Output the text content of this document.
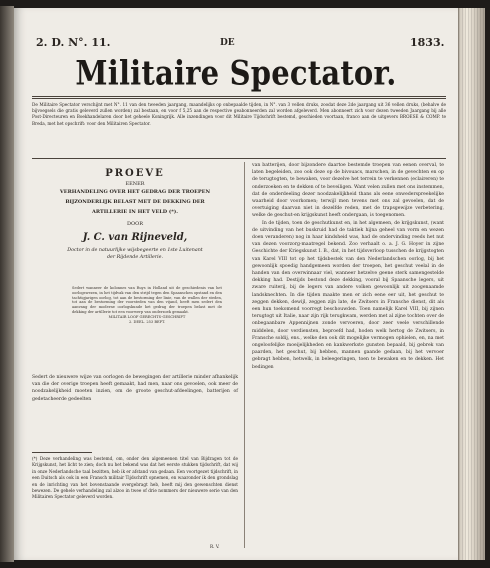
2. D. N°. 11.	DE	1833.
Militaire Spectator.
De Militaire Spectator verschijnt met N°. 11 van den tweeden jaargang, maandelijks op onbepaalde tijden, in N°. van 3 vellen druks, zoodat deze 2de jaargang uit 36 vellen druks, (behalve de bijvoegsels die gratis geleverd zullen worden) zal bestaan, en voor f 5,25 aan de respective geabonneerden zal worden afgeleverd. Men abonneert zich voor dezen tweeden Jaargang bij alle Post-Directeuren en Boekhandelaren door het geheele Koningrijk. Alle inzendingen voor dit Militaire Tijdschrift bestemd, geschieden voortaan, franco aan de uitgevers BROESE & COMP. te Breda, met het opschrift: voor den Militairen Spectator.
PROEVE
EENER
VERHANDELING OVER HET GEDRAG DER TROEPEN
BIJZONDERLIJK BELAST MET DE DEKKING DER
ARTILLERIE IN HET VELD (*).
DOOR
J. C. van Rijneveld,
Doctor in de natuurlijke wijsbegeerte en 1ste Luitenant
der Rijdende Artillerie.
Sedert wanneer de kolonnes van Ruys in Holland uit de geschiedenis van het oorlogswezen, in het tijdvak van den strijd tegen den Spaanschen opstand en den tachtigjarigen oorlog, tot aan de bestorming der linie, van de wallen der steden, tot aan de bestorming der voorsteden van den vijand, heeft men sedert den aanvang der moderne oorlogskunde het gedrag der troepen belast met de dekking der artillerie tot een voorwerp van onderzoek gemaakt.
MILITAIR LOOF GERECHTS-GESCHRIFT
2. DEEL. 253 BEPT.
Sedert de nieuwere wijze van oorlogen de bewegingen der artillerie minder afhankelijk van die der overige troepen heeft gemaakt, had men, naar ons gevoelen, ook meer de noodzakelijkheid moeten inzien, om de groote geschut-afdeelingen, batterijen of gedetacheerde gedeelten
(*) Deze verhandeling was bestemd, om, onder den algemeenen titel van Bijdragen tot de Krijgskunst, het licht te zien; doch nu het bekend was dat het eerste stukken tijdschrift, dat wij in onze Nederlandsche taal bezitten, heb ik er afstand van gedaan. Een voortgezet tijdschrift, in een Duitsch als ook in een Fransch militair Tijdschrift opnemen, en waaronder ik den grondslag en de inrichting van het bovenstaande overgebragt heb, heeft mij den gewenschten dienst bewezen. De gehele verhandeling zal alzoo in twee of drie nommers der nieuwere serie van den Militairen Spectator geleverd worden.
R. V.

van batterijen, door bijzondere daartoe bestemde troepen van eenen overval, te laten begeleiden, zoo ook deze op de bivouacs, marschen, in de gevechten en op de terugtogten, te bewaken, voor dezelve het terrein te verkennen (eclaireren) te onderzoeken en te dekken of te beveiligen. Want velen zullen met ons instemmen, dat de onderdeeling dezer noodzakelijkheid thans als eene onwederspreekelijke waarheid door voorkomen; terwijl men tevens met ons zal gevoelen, dat de overtuiging daarvan niet in dezelfde reden, met de trapsgewijze verbetering, welke de geschut-en krijgskunst heeft ondergaan, is toegenomen.

In de tijden, toen de geschutkunst en, in het algemeen, de krijgskunst, (want de uitvinding van het buskruid had de taktiek hijna geheel van vorm en wezen doen veranderen) nog in haar kindsheid was, had de ondervinding reeds het nut van dezen voorzorg-maatregel bekend. Zoo verhaalt o. a. J. G. Hoyer in zijne Geschichte der Kriegskunst I. B., dat, in het tijdsverloop tusschen de krijgstogten van Karel VIII tot op het tijdsbestek van den Nederlandschen oorlog, bij het gewoonlijk spoedig handgemeen worden der troepen, het geschut veelal in de handen van den overwinnaar viel, wanneer hetzelve geene sterk samengestelde dekking had. Destijds bestond deze dekking, vooral bij Spaansche legers, uit zware ruiterij, bij de legers van andere volken gewoonlijk uit zoogenaamde landsknechten. In die tijden maakte men er zich eene eer uit, het geschut te zeggen dekken, dewijl, zeggen zijn late, de Zwitsers in Fransche dienst, dit als een hun toekomend voorregt beschouwden. Toen namelijk Karel VIII, bij zijnen terugtogt uit Italie, naar zijn rijk terugkwam, werden met al zijne tochten over de onbegaanbare Appennijnen zonde vervoeren, door zeer veele verschillende middelen, door verdiensten, beproefd had, hoden welk hertog de Zwitsers, in Fransche soldij, ens., welke den ook dit mogelijke vermogen ophielen, en, na met ongeloofelijke moeijelijkheden en kankwerkste gunsten bepaald, bij gebrek van paarden, het geschut, bij hebben, mannen gaande gedaan, bij het vervoer gebragt hebben, hetwelk, in beleegeringen, toen te bewaken en te dekken. Het bedingen
